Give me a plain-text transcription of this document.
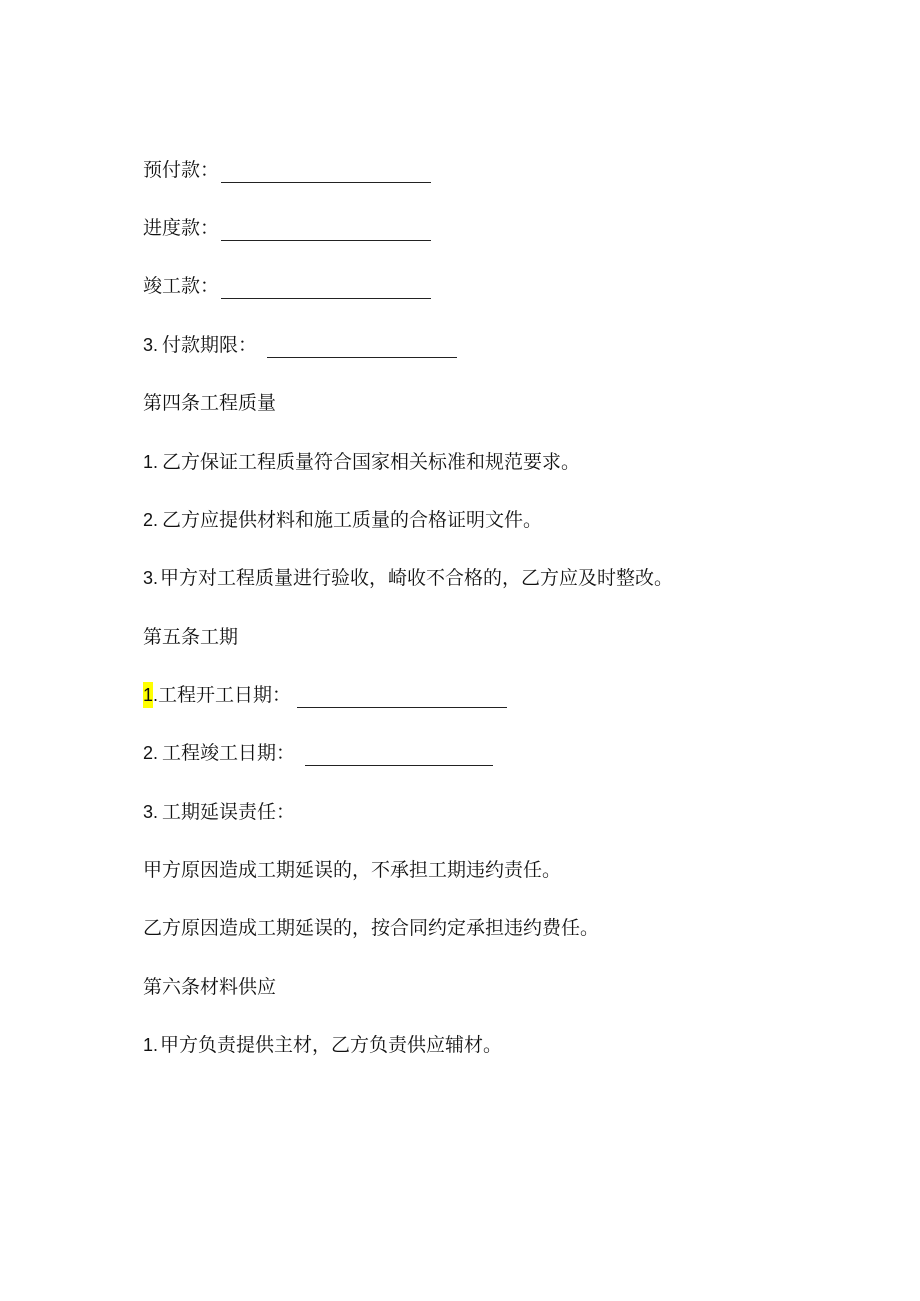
预付款：
进度款：
竣工款：
3 . 付款期限：
第四条工程质量
1 . 乙方保证工程质量符合国家相关标准和规范要求。
2 . 乙方应提供材料和施工质量的合格证明文件。
3 . 甲方对工程质量进行验收，崎收不合格的，乙方应及时整改。
第五条工期
1 . 工程开工日期：
2 . 工程竣工日期：
3 . 工期延误责任：
甲方原因造成工期延误的，不承担工期违约责任。
乙方原因造成工期延误的，按合同约定承担违约费任。
第六条材料供应
1 . 甲方负责提供主材，乙方负责供应辅材。
